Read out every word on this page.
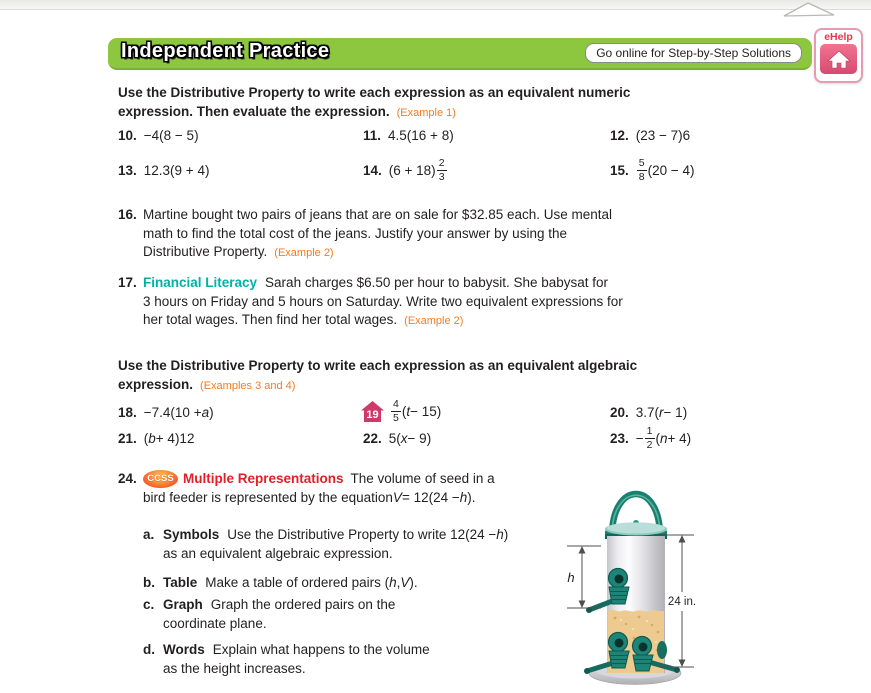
Independent Practice	Go online for Step-by-Step Solutions
eHelp
Use the Distributive Property to write each expression as an equivalent numeric
expression. Then evaluate the expression. (Example 1)
10. −4(8 − 5)	11. 4.5(16 + 8)	12. (23 − 7)6
13. 12.3(9 + 4)	14. $(6 + 18) \frac{2}{3}$	15. $\frac{5}{8} (20 - 4)$
16. Martine bought two pairs of jeans that are on sale for $32.85 each. Use mental
math to find the total cost of the jeans. Justify your answer by using the
Distributive Property. (Example 2)
17. Financial Literacy Sarah charges $6.50 per hour to babysit. She babysat for
3 hours on Friday and 5 hours on Saturday. Write two equivalent expressions for
her total wages. Then find her total wages. (Example 2)
Use the Distributive Property to write each expression as an equivalent algebraic
expression. (Examples 3 and 4)
18. −7.4(10 + a )	$19 \frac{4}{5}$ ( t − 15)	20. 3.7( r − 1)
21. ( b + 4)12	22. 5( x − 9)	23. − $\frac{1}{2}$ ( n + 4)
24.	CCSS Multiple Representations The volume of seed in a
bird feeder is represented by the equation V = 12(24 − h ).
a. Symbols Use the Distributive Property to write 12(24 − h )
as an equivalent algebraic expression.
b. Table Make a table of ordered pairs ( h , V ).
c. Graph Graph the ordered pairs on the
coordinate plane.
d. Words Explain what happens to the volume
as the height increases.
h
24 in.
